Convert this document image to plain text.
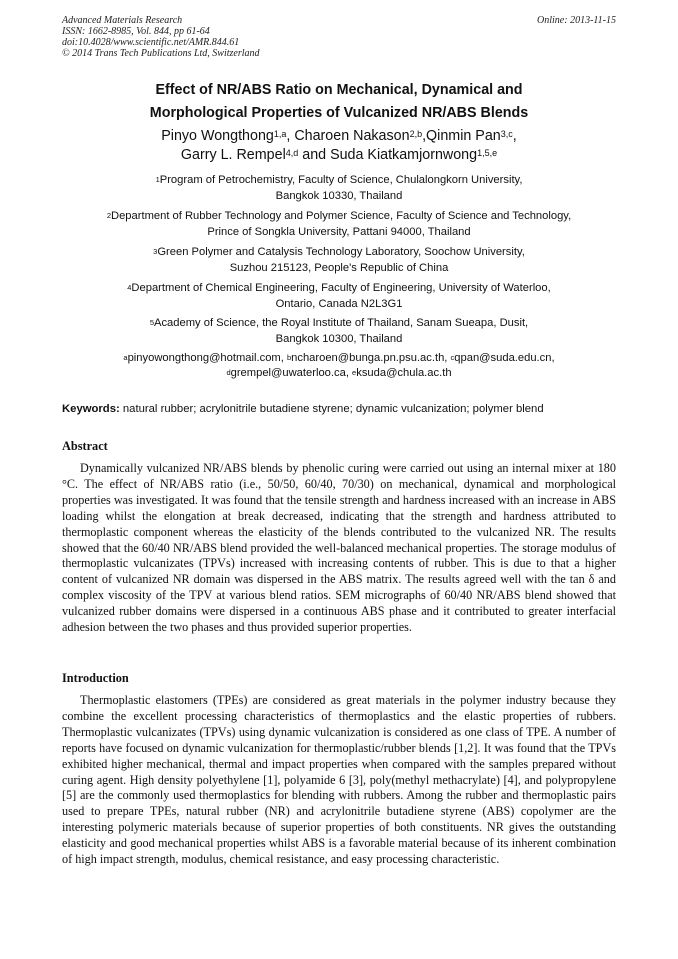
Advanced Materials Research
ISSN: 1662-8985, Vol. 844, pp 61-64
doi:10.4028/www.scientific.net/AMR.844.61
© 2014 Trans Tech Publications Ltd, Switzerland
Online: 2013-11-15
Effect of NR/ABS Ratio on Mechanical, Dynamical and
Morphological Properties of Vulcanized NR/ABS Blends
Pinyo Wongthong$^{1,a}$, Charoen Nakason$^{2,b}$,Qinmin Pan$^{3,c}$,
Garry L. Rempel$^{4,d}$ and Suda Kiatkamjornwong$^{1,5,e}$
$^1$Program of Petrochemistry, Faculty of Science, Chulalongkorn University,
Bangkok 10330, Thailand
$^2$Department of Rubber Technology and Polymer Science, Faculty of Science and Technology,
Prince of Songkla University, Pattani 94000, Thailand
$^3$Green Polymer and Catalysis Technology Laboratory, Soochow University,
Suzhou 215123, People's Republic of China
$^4$Department of Chemical Engineering, Faculty of Engineering, University of Waterloo,
Ontario, Canada N2L3G1
$^5$Academy of Science, the Royal Institute of Thailand, Sanam Sueapa, Dusit,
Bangkok 10300, Thailand
$^a$pinyowongthong@hotmail.com, $^b$ncharoen@bunga.pn.psu.ac.th, $^c$qpan@suda.edu.cn,
$^d$grempel@uwaterloo.ca, $^e$ksuda@chula.ac.th
Keywords: natural rubber; acrylonitrile butadiene styrene; dynamic vulcanization; polymer blend
Abstract
Dynamically vulcanized NR/ABS blends by phenolic curing were carried out using an internal mixer at 180 °C. The effect of NR/ABS ratio (i.e., 50/50, 60/40, 70/30) on mechanical, dynamical and morphological properties was investigated. It was found that the tensile strength and hardness increased with an increase in ABS loading whilst the elongation at break decreased, indicating that the strength and hardness attributed to thermoplastic component whereas the elasticity of the blends contributed to the vulcanized NR. The results showed that the 60/40 NR/ABS blend provided the well-balanced mechanical properties. The storage modulus of thermoplastic vulcanizates (TPVs) increased with increasing contents of rubber. This is due to that a higher content of vulcanized NR domain was dispersed in the ABS matrix. The results agreed well with the tan δ and complex viscosity of the TPV at various blend ratios. SEM micrographs of 60/40 NR/ABS blend showed that vulcanized rubber domains were dispersed in a continuous ABS phase and it contributed to greater interfacial adhesion between the two phases and thus provided superior properties.
Introduction
Thermoplastic elastomers (TPEs) are considered as great materials in the polymer industry because they combine the excellent processing characteristics of thermoplastics and the elastic properties of rubbers. Thermoplastic vulcanizates (TPVs) using dynamic vulcanization is considered as one class of TPE. A number of reports have focused on dynamic vulcanization for thermoplastic/rubber blends [1,2]. It was found that the TPVs exhibited higher mechanical, thermal and impact properties when compared with the samples prepared without curing agent. High density polyethylene [1], polyamide 6 [3], poly(methyl methacrylate) [4], and polypropylene [5] are the commonly used thermoplastics for blending with rubbers. Among the rubber and thermoplastic pairs used to prepare TPEs, natural rubber (NR) and acrylonitrile butadiene styrene (ABS) copolymer are the interesting polymeric materials because of superior properties of both constituents. NR gives the outstanding elasticity and good mechanical properties whilst ABS is a favorable material because of its inherent combination of high impact strength, modulus, chemical resistance, and easy processing characteristic.
